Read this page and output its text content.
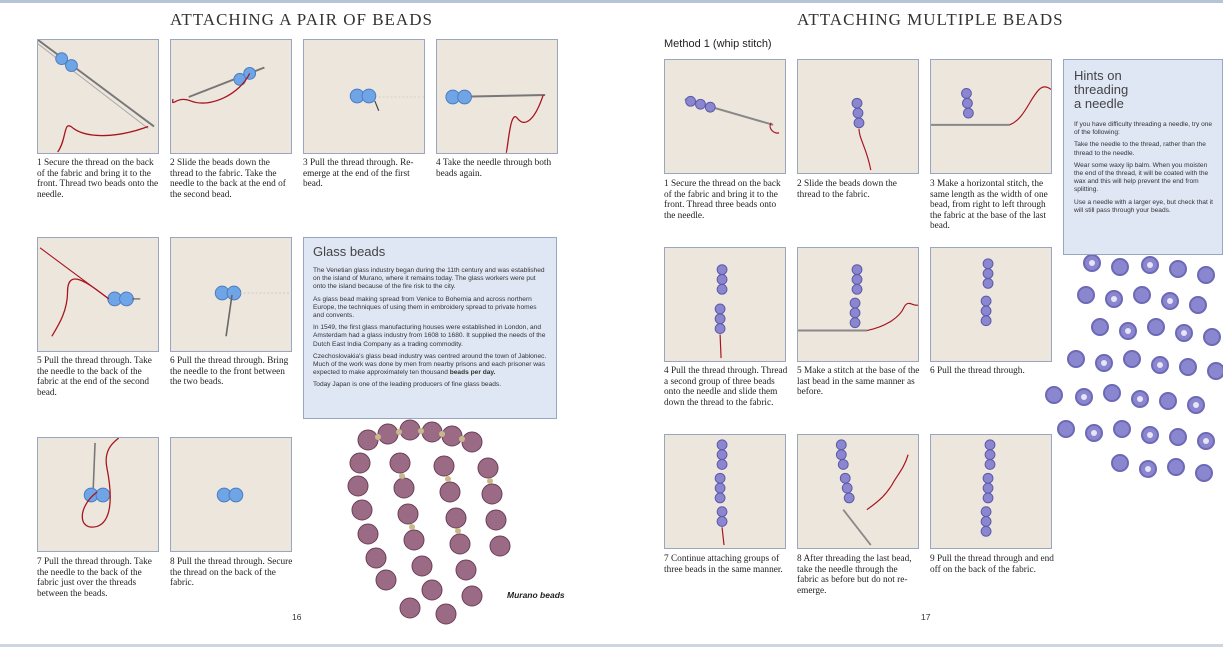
ATTACHING A PAIR OF BEADS
1 Secure the thread on the back of the fabric and bring it to the front. Thread two beads onto the needle.
2 Slide the beads down the thread to the fabric. Take the needle to the back at the end of the second bead.
3 Pull the thread through. Re-emerge at the end of the first bead.
4 Take the needle through both beads again.
5 Pull the thread through. Take the needle to the back of the fabric at the end of the second bead.
6 Pull the thread through. Bring the needle to the front between the two beads.
Glass beads

The Venetian glass industry began during the 11th century and was established on the island of Murano, where it remains today. The glass workers were put onto the island because of the fire risk to the city.

As glass bead making spread from Venice to Bohemia and across northern Europe, the techniques of using them in embroidery spread to private homes and convents.

In 1549, the first glass manufacturing houses were established in London, and Amsterdam had a glass industry from 1608 to 1680. It supplied the needs of the Dutch East India Company as a trading commodity.

Czechoslovakia's glass bead industry was centred around the town of Jablonec. Much of the work was done by men from nearby prisons and each prisoner was expected to make approximately ten thousand beads per day.

Today Japan is one of the leading producers of fine glass beads.

7 Pull the thread through. Take the needle to the back of the fabric just over the threads between the beads.
8 Pull the thread through. Secure the thread on the back of the fabric.
Murano beads
16
ATTACHING MULTIPLE BEADS
Method 1 (whip stitch)
1 Secure the thread on the back of the fabric and bring it to the front. Thread three beads onto the needle.
2 Slide the beads down the thread to the fabric.
3 Make a horizontal stitch, the same length as the width of one bead, from right to left through the fabric at the base of the last bead.
Hints on
threading
a needle

If you have difficulty threading a needle, try one of the following:

Take the needle to the thread, rather than the thread to the needle.

Wear some waxy lip balm. When you moisten the end of the thread, it will be coated with the wax and this will help prevent the end from splitting.

Use a needle with a larger eye, but check that it will still pass through your beads.

4 Pull the thread through. Thread a second group of three beads onto the needle and slide them down the thread to the fabric.
5 Make a stitch at the base of the last bead in the same manner as before.
6 Pull the thread through.
7 Continue attaching groups of three beads in the same manner.
8 After threading the last bead, take the needle through the fabric as before but do not re-emerge.
9 Pull the thread through and end off on the back of the fabric.
17
